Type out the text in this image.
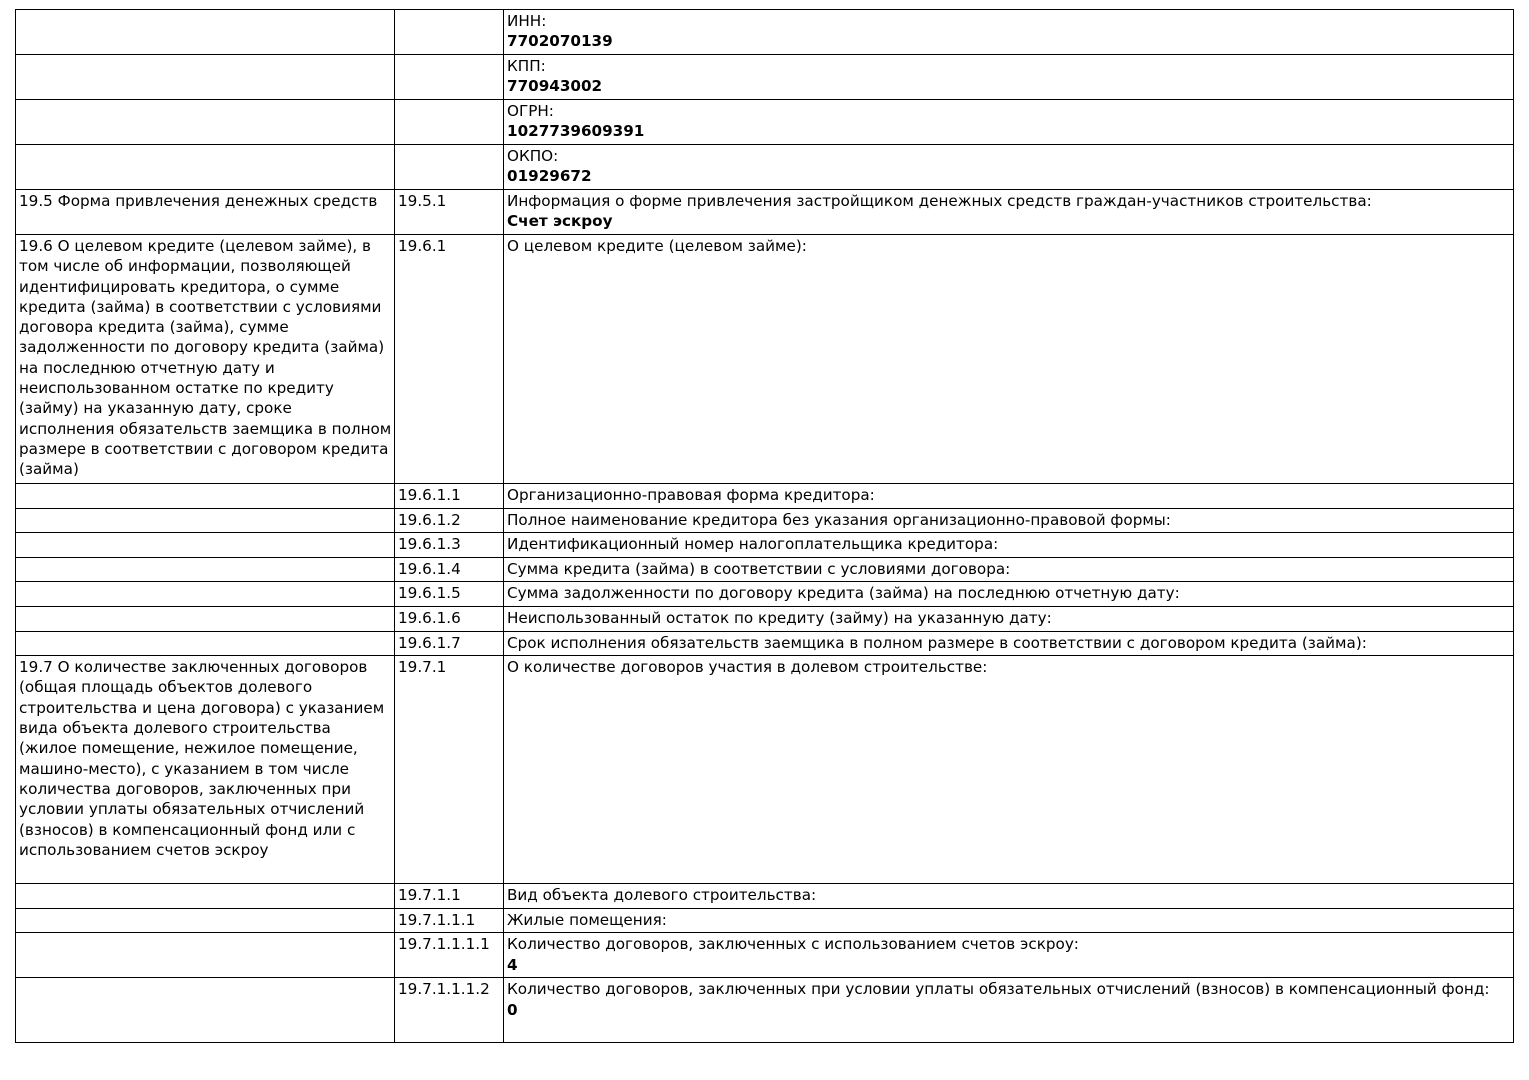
		ИНН:
7702070139

		КПП:
770943002

		ОГРН:
1027739609391

		ОКПО:
01929672

19.5 Форма привлечения денежных средств	19.5.1	Информация о форме привлечения застройщиком денежных средств граждан-участников строительства:
Счет эскроу

19.6 О целевом кредите (целевом займе), в том числе об информации, позволяющей идентифицировать кредитора, о сумме кредита (займа) в соответствии с условиями договора кредита (займа), сумме задолженности по договору кредита (займа) на последнюю отчетную дату и неиспользованном остатке по кредиту (займу) на указанную дату, сроке исполнения обязательств заемщика в полном размере в соответствии с договором кредита (займа)	19.6.1	О целевом кредите (целевом займе):

	19.6.1.1	Организационно-правовая форма кредитора:

	19.6.1.2	Полное наименование кредитора без указания организационно-правовой формы:

	19.6.1.3	Идентификационный номер налогоплательщика кредитора:

	19.6.1.4	Сумма кредита (займа) в соответствии с условиями договора:

	19.6.1.5	Сумма задолженности по договору кредита (займа) на последнюю отчетную дату:

	19.6.1.6	Неиспользованный остаток по кредиту (займу) на указанную дату:

	19.6.1.7	Срок исполнения обязательств заемщика в полном размере в соответствии с договором кредита (займа):

19.7 О количестве заключенных договоров (общая площадь объектов долевого строительства и цена договора) с указанием вида объекта долевого строительства (жилое помещение, нежилое помещение, машино-место), с указанием в том числе количества договоров, заключенных при условии уплаты обязательных отчислений (взносов) в компенсационный фонд или с использованием счетов эскроу	19.7.1	О количестве договоров участия в долевом строительстве:

	19.7.1.1	Вид объекта долевого строительства:

	19.7.1.1.1	Жилые помещения:

	19.7.1.1.1.1	Количество договоров, заключенных с использованием счетов эскроу:
4

	19.7.1.1.1.2	Количество договоров, заключенных при условии уплаты обязательных отчислений (взносов) в компенсационный фонд:
0
